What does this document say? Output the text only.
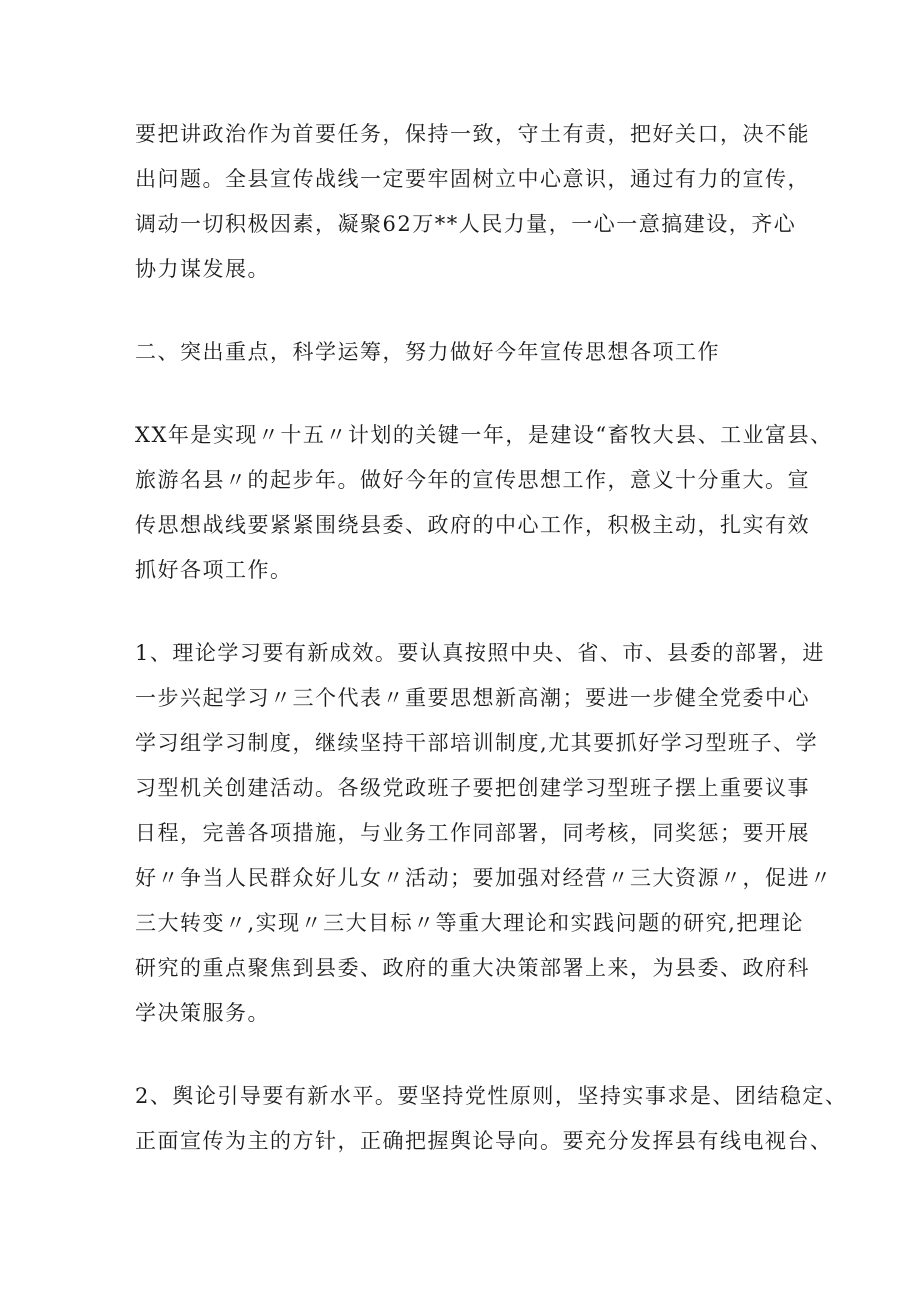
要把讲政治作为首要任务，保持一致，守土有责，把好关口，决不能
出问题。全县宣传战线一定要牢固树立中心意识，通过有力的宣传，
调动一切积极因素，凝聚62万**人民力量，一心一意搞建设，齐心
协力谋发展。

二、突出重点，科学运筹，努力做好今年宣传思想各项工作

XX年是实现〃十五〃计划的关键一年，是建设“畜牧大县、工业富县、
旅游名县〃的起步年。做好今年的宣传思想工作，意义十分重大。宣
传思想战线要紧紧围绕县委、政府的中心工作，积极主动，扎实有效
抓好各项工作。

1、理论学习要有新成效。要认真按照中央、省、市、县委的部署，进
一步兴起学习〃三个代表〃重要思想新高潮；要进一步健全党委中心
学习组学习制度，继续坚持干部培训制度,尤其要抓好学习型班子、学
习型机关创建活动。各级党政班子要把创建学习型班子摆上重要议事
日程，完善各项措施，与业务工作同部署，同考核，同奖惩；要开展
好〃争当人民群众好儿女〃活动；要加强对经营〃三大资源〃，促进〃
三大转变〃,实现〃三大目标〃等重大理论和实践问题的研究,把理论
研究的重点聚焦到县委、政府的重大决策部署上来，为县委、政府科
学决策服务。

2、舆论引导要有新水平。要坚持党性原则，坚持实事求是、团结稳定、
正面宣传为主的方针，正确把握舆论导向。要充分发挥县有线电视台、
